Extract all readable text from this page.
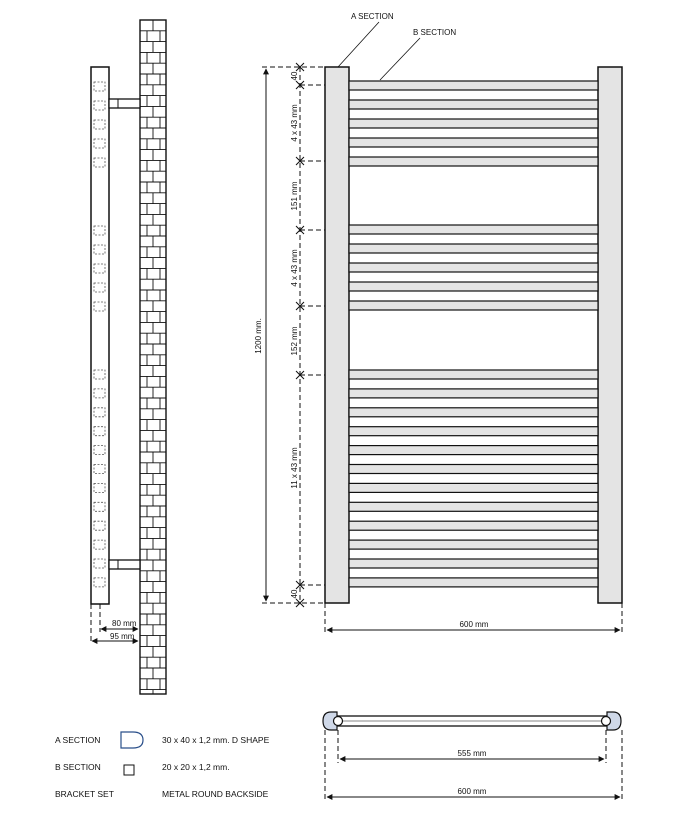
80 mm
95 mm
A SECTION
B SECTION
1200 mm.
40
4 x 43 mm
151 mm
4 x 43 mm
152 mm
11 x 43 mm
40
600 mm
555 mm
600 mm
A SECTION	30 x 40 x 1,2 mm. D SHAPE
B SECTION	20 x 20 x 1,2 mm.
BRACKET SET	METAL ROUND BACKSIDE
